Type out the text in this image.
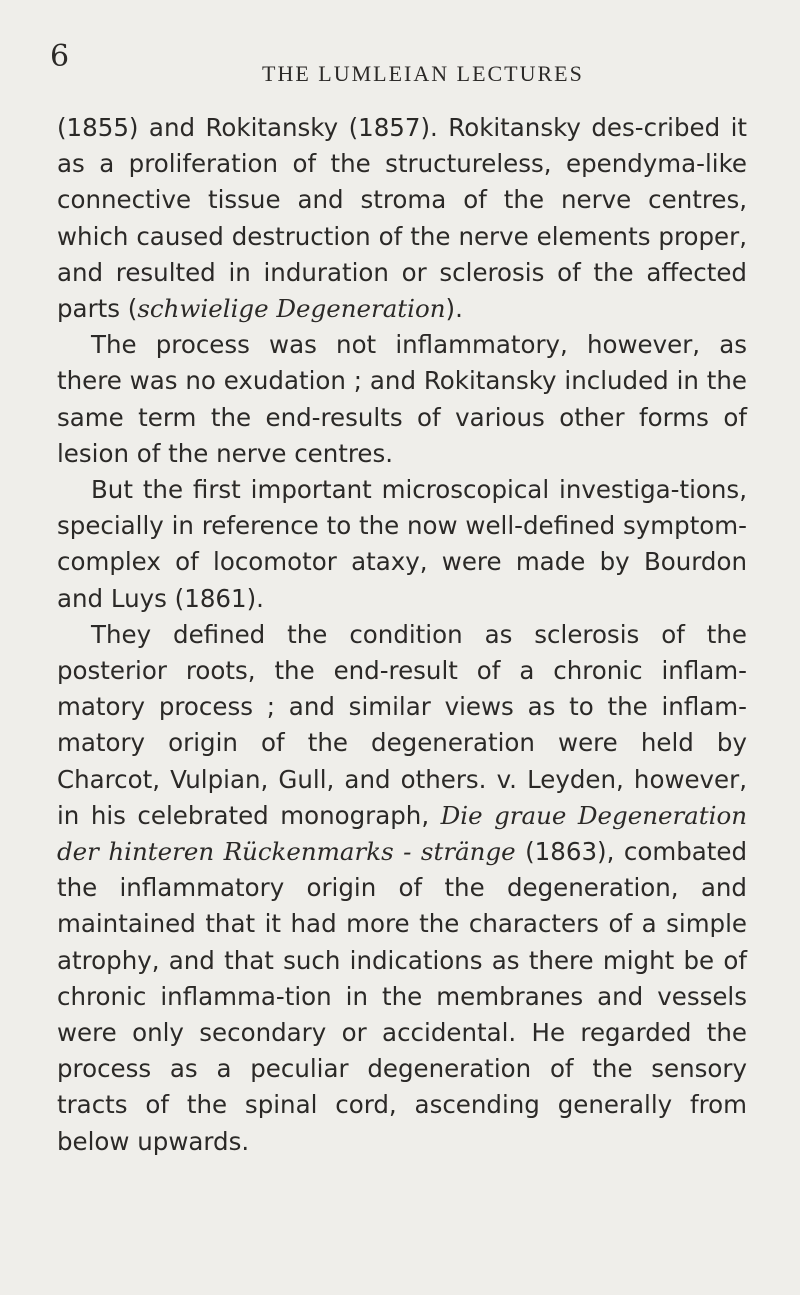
6	THE LUMLEIAN LECTURES

(1855) and Rokitansky (1857). Rokitansky des-cribed it as a proliferation of the structureless, ependyma-like connective tissue and stroma of the nerve centres, which caused destruction of the nerve elements proper, and resulted in induration or sclerosis of the affected parts (schwielige Degeneration).

The process was not inflammatory, however, as there was no exudation ; and Rokitansky included in the same term the end-results of various other forms of lesion of the nerve centres.

But the first important microscopical investiga-tions, specially in reference to the now well-defined symptom-complex of locomotor ataxy, were made by Bourdon and Luys (1861).

They defined the condition as sclerosis of the posterior roots, the end-result of a chronic inflam-matory process ; and similar views as to the inflam-matory origin of the degeneration were held by Charcot, Vulpian, Gull, and others. v. Leyden, however, in his celebrated monograph, Die graue Degeneration der hinteren Rückenmarks - stränge (1863), combated the inflammatory origin of the degeneration, and maintained that it had more the characters of a simple atrophy, and that such indications as there might be of chronic inflamma-tion in the membranes and vessels were only secondary or accidental. He regarded the process as a peculiar degeneration of the sensory tracts of the spinal cord, ascending generally from below upwards.
